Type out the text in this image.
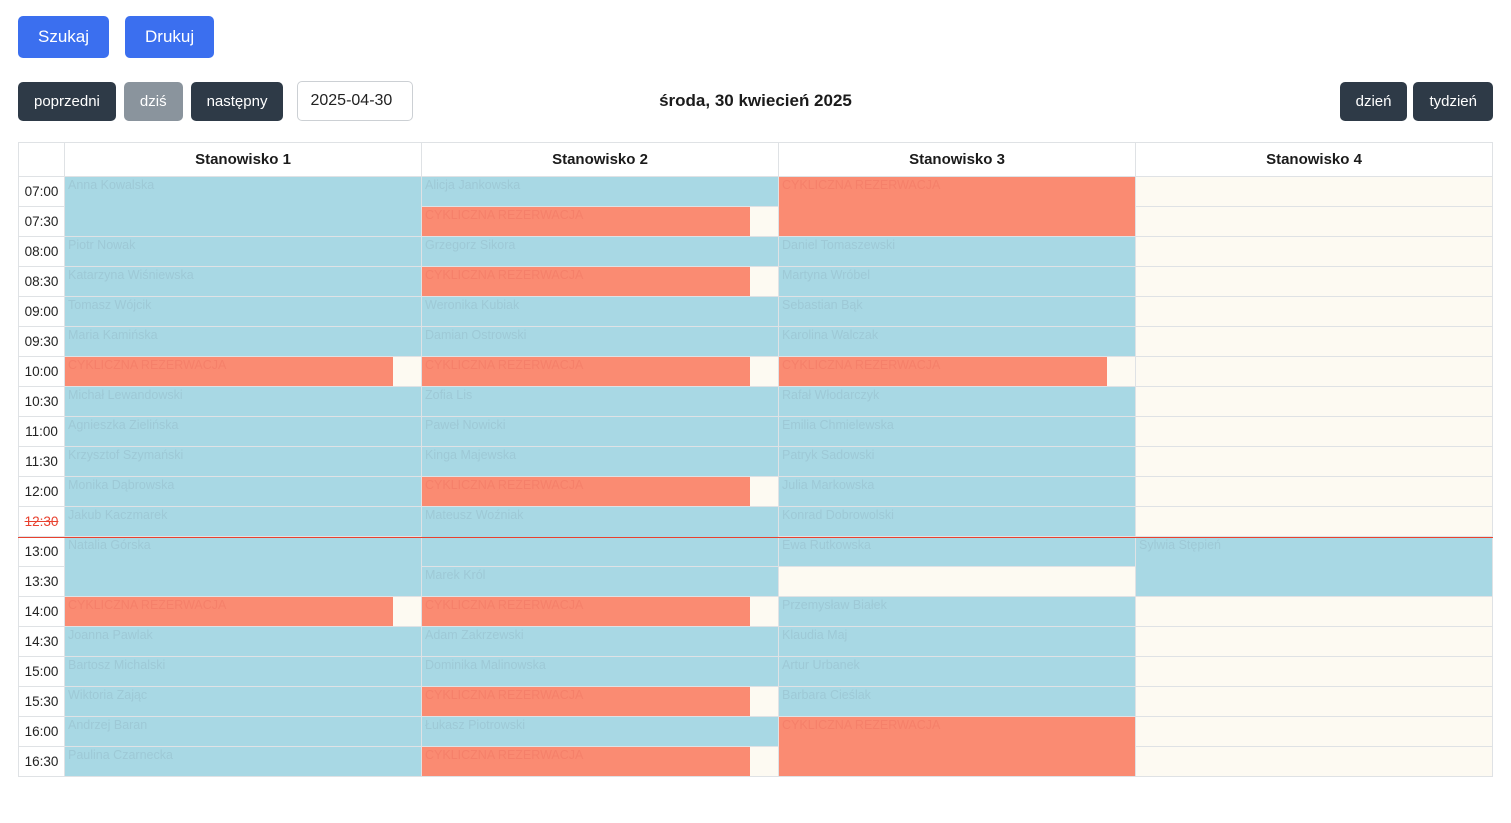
Szukaj	Drukuj
poprzedni	dziś	następny
2025-04-30	środa, 30 kwiecień 2025	dzień	tydzień
	Stanowisko 1	Stanowisko 2	Stanowisko 3	Stanowisko 4	
07:00	Anna Kowalska	Alicja Jankowska	CYKLICZNA REZERWACJA		

07:30		CYKLICZNA REZERWACJA			

08:00	Piotr Nowak	Grzegorz Sikora	Daniel Tomaszewski		

08:30	Katarzyna Wiśniewska	CYKLICZNA REZERWACJA	Martyna Wróbel		

09:00	Tomasz Wójcik	Weronika Kubiak	Sebastian Bąk		

09:30	Maria Kamińska	Damian Ostrowski	Karolina Walczak		

10:00	CYKLICZNA REZERWACJA	CYKLICZNA REZERWACJA	CYKLICZNA REZERWACJA		

10:30	Michał Lewandowski	Zofia Lis	Rafał Włodarczyk		

11:00	Agnieszka Zielińska	Paweł Nowicki	Emilia Chmielewska		

11:30	Krzysztof Szymański	Kinga Majewska	Patryk Sadowski		

12:00	Monika Dąbrowska	CYKLICZNA REZERWACJA	Julia Markowska		

12:30	Jakub Kaczmarek	Mateusz Woźniak	Konrad Dobrowolski		

13:00	Natalia Górska		Ewa Rutkowska	Sylwia Stępień	

13:30		Marek Król			

14:00	CYKLICZNA REZERWACJA	CYKLICZNA REZERWACJA	Przemysław Białek		

14:30	Joanna Pawlak	Adam Zakrzewski	Klaudia Maj		

15:00	Bartosz Michalski	Dominika Malinowska	Artur Urbanek		

15:30	Wiktoria Zając	CYKLICZNA REZERWACJA	Barbara Cieślak		

16:00	Andrzej Baran	Łukasz Piotrowski	CYKLICZNA REZERWACJA		

16:30	Paulina Czarnecka	CYKLICZNA REZERWACJA			
